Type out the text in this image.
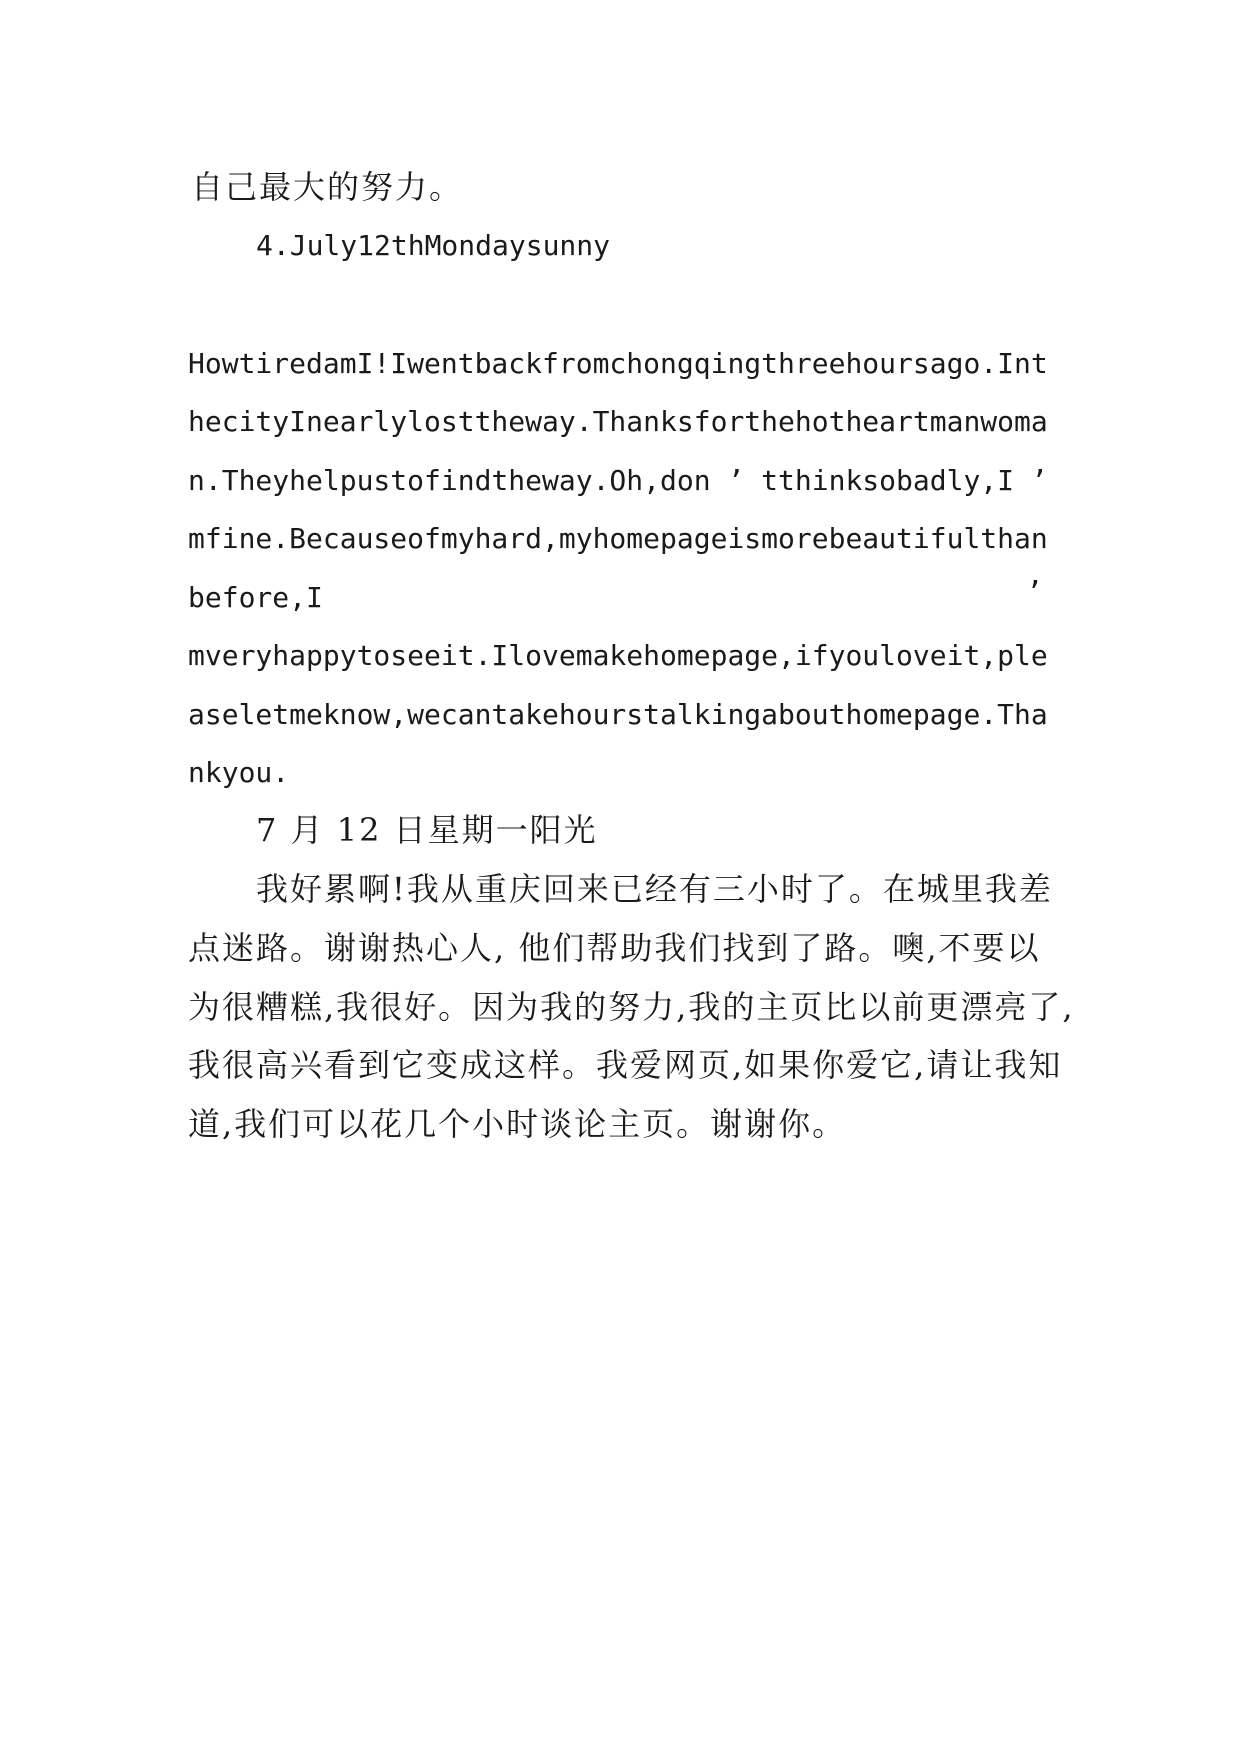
自己最大的努力。

4.July12thMondaysunny

HowtiredamI!Iwentbackfromchongqingthreehoursago.Int

hecityInearlylosttheway.Thanksforthehotheartmanwoma

n.Theyhelpustofindtheway.Oh,don ’ tthinksobadly,I ’

mfine.Becauseofmyhard,myhomepageismorebeautifulthan

before,I	’

mveryhappytoseeit.Ilovemakehomepage,ifyouloveit,ple

aseletmeknow,wecantakehourstalkingabouthomepage.Tha

nkyou.

7 月 12 日星期一阳光

我好累啊!我从重庆回来已经有三小时了。在城里我差

点迷路。谢谢热心人, 他们帮助我们找到了路。噢,不要以

为很糟糕,我很好。因为我的努力,我的主页比以前更漂亮了,

我很高兴看到它变成这样。我爱网页,如果你爱它,请让我知

道,我们可以花几个小时谈论主页。谢谢你。
